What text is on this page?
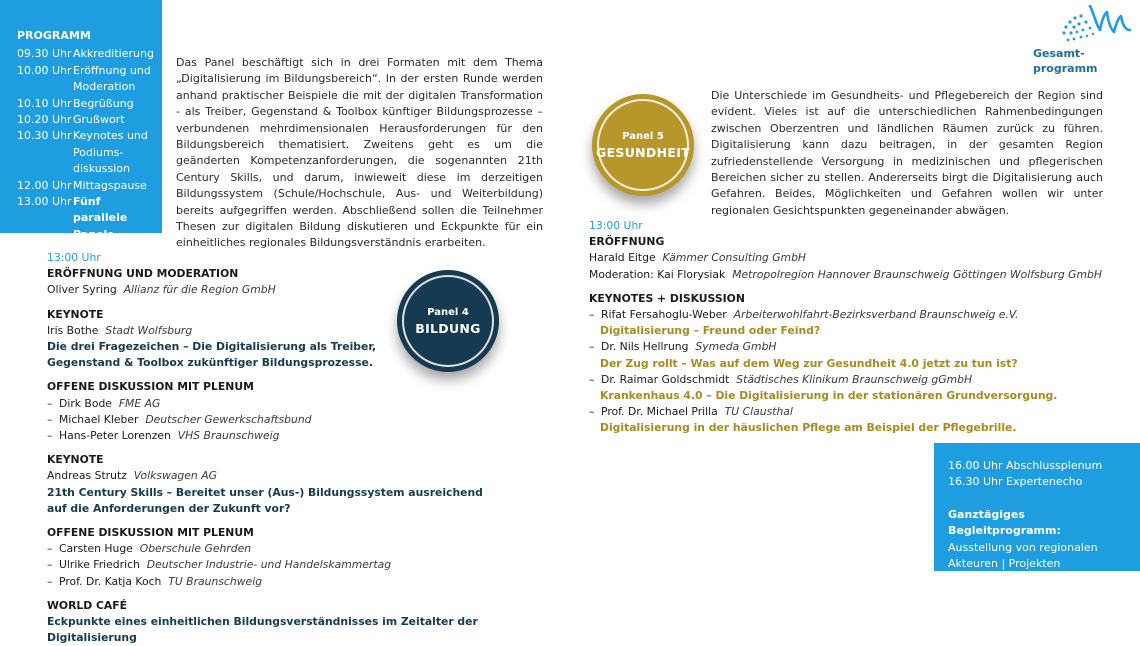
PROGRAMM
09.30 Uhr Akkreditierung
10.00 Uhr Eröffnung und
Moderation
10.10 Uhr Begrüßung
10.20 Uhr Grußwort
10.30 Uhr Keynotes und
Podiums-
diskussion
12.00 Uhr Mittagspause
13.00 Uhr Fünf parallele
Panels
Gesamt-
programm
Das Panel beschäftigt sich in drei Formaten mit dem Thema „Digitalisierung im Bildungsbereich“. In der ersten Runde werden anhand praktischer Beispiele die mit der digitalen Transformation - als Treiber, Gegenstand & Toolbox künftiger Bildungsprozesse – verbundenen mehrdimensionalen Herausforderungen für den Bildungsbereich thematisiert. Zweitens geht es um die geänderten Kompetenzanforderungen, die sogenannten 21th Century Skills, und darum, inwieweit diese im derzeitigen Bildungssystem (Schule/Hochschule, Aus- und Weiterbildung) bereits aufgegriffen werden. Abschließend sollen die Teilnehmer Thesen zur digitalen Bildung diskutieren und Eckpunkte für ein einheitliches regionales Bildungsverständnis erarbeiten.
Die Unterschiede im Gesundheits- und Pflegebereich der Region sind evident. Vieles ist auf die unterschiedlichen Rahmenbedingungen zwischen Oberzentren und ländlichen Räumen zurück zu führen. Digitalisierung kann dazu beitragen, in der gesamten Region zufriedenstellende Versorgung in medizinischen und pflegerischen Bereichen sicher zu stellen. Andererseits birgt die Digitalisierung auch Gefahren. Beides, Möglichkeiten und Gefahren wollen wir unter regionalen Gesichtspunkten gegeneinander abwägen.
Panel 4
BILDUNG
Panel 5
GESUNDHEIT
13:00 Uhr
ERÖFFNUNG UND MODERATION
Oliver Syring Allianz für die Region GmbH
KEYNOTE
Iris Bothe Stadt Wolfsburg
Die drei Fragezeichen – Die Digitalisierung als Treiber,
Gegenstand & Toolbox zukünftiger Bildungsprozesse.
OFFENE DISKUSSION MIT PLENUM
– Dirk Bode FME AG
– Michael Kleber Deutscher Gewerkschaftsbund
– Hans-Peter Lorenzen VHS Braunschweig
KEYNOTE
Andreas Strutz Volkswagen AG
21th Century Skills – Bereitet unser (Aus-) Bildungssystem ausreichend
auf die Anforderungen der Zukunft vor?
OFFENE DISKUSSION MIT PLENUM
– Carsten Huge Oberschule Gehrden
– Ulrike Friedrich Deutscher Industrie- und Handelskammertag
– Prof. Dr. Katja Koch TU Braunschweig
WORLD CAFÉ
Eckpunkte eines einheitlichen Bildungsverständnisses im Zeitalter der Digitalisierung
13:00 Uhr
ERÖFFNUNG
Harald Eitge Kämmer Consulting GmbH
Moderation: Kai Florysiak Metropolregion Hannover Braunschweig Göttingen Wolfsburg GmbH
KEYNOTES + DISKUSSION
– Rifat Fersahoglu-Weber Arbeiterwohlfahrt-Bezirksverband Braunschweig e.V.
Digitalisierung – Freund oder Feind?
– Dr. Nils Hellrung Symeda GmbH
Der Zug rollt – Was auf dem Weg zur Gesundheit 4.0 jetzt zu tun ist?
– Dr. Raimar Goldschmidt Städtisches Klinikum Braunschweig gGmbH
Krankenhaus 4.0 – Die Digitalisierung in der stationären Grundversorgung.
– Prof. Dr. Michael Prilla TU Clausthal
Digitalisierung in der häuslichen Pflege am Beispiel der Pflegebrille.
16.00 Uhr Abschlussplenum
16.30 Uhr Expertenecho
Ganztägiges Begleitprogramm:
Ausstellung von regionalen
Akteuren | Projekten
